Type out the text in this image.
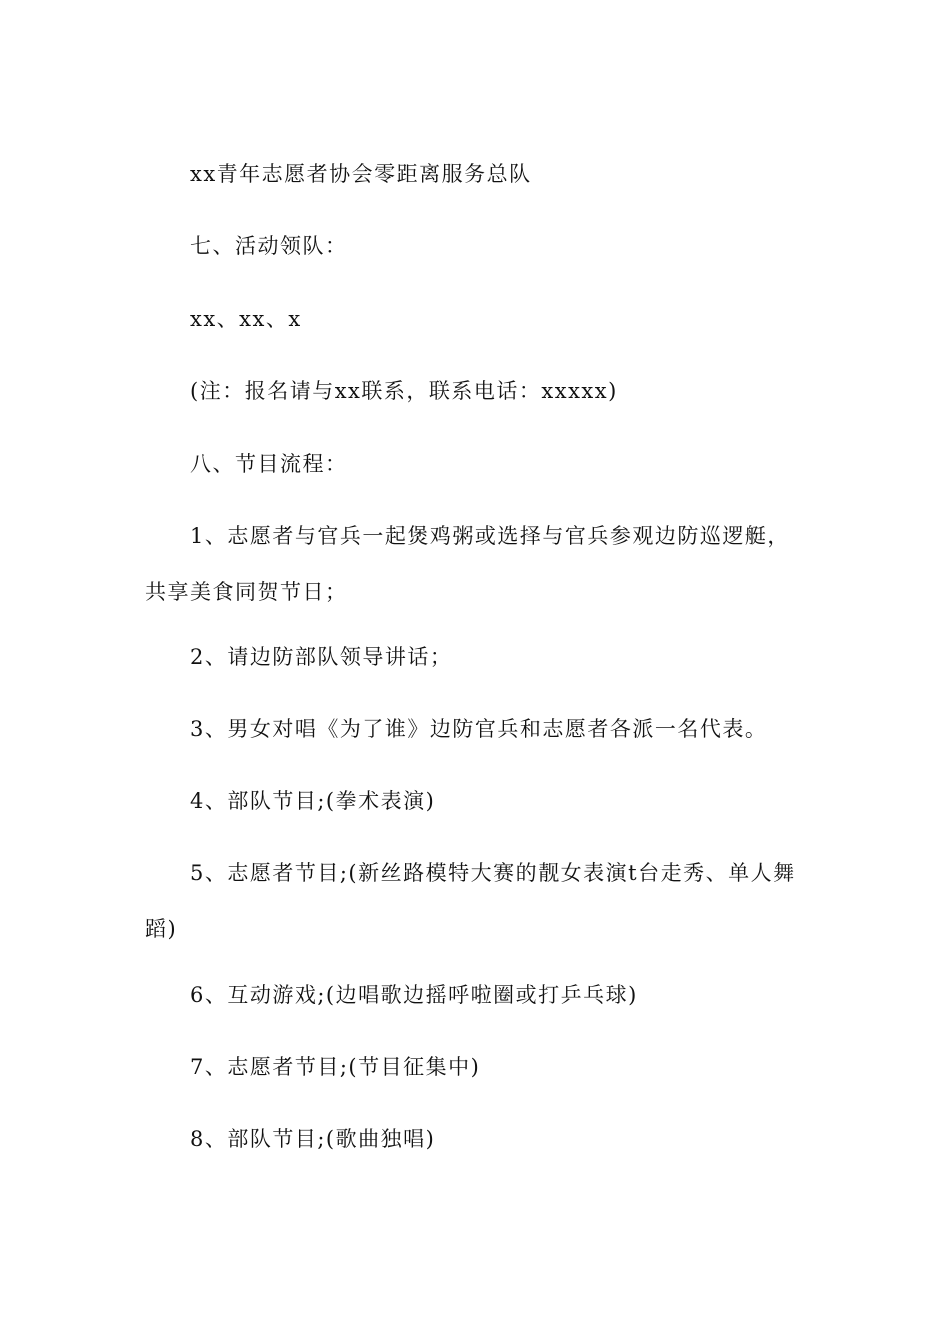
xx青年志愿者协会零距离服务总队
七、活动领队：
xx、xx、x
(注：报名请与xx联系，联系电话：xxxxx)
八、节目流程：
1、志愿者与官兵一起煲鸡粥或选择与官兵参观边防巡逻艇，共享美食同贺节日；
2、请边防部队领导讲话；
3、男女对唱《为了谁》边防官兵和志愿者各派一名代表。
4、部队节目;(拳术表演)
5、志愿者节目;(新丝路模特大赛的靓女表演t台走秀、单人舞蹈)
6、互动游戏;(边唱歌边摇呼啦圈或打乒乓球)
7、志愿者节目;(节目征集中)
8、部队节目;(歌曲独唱)
